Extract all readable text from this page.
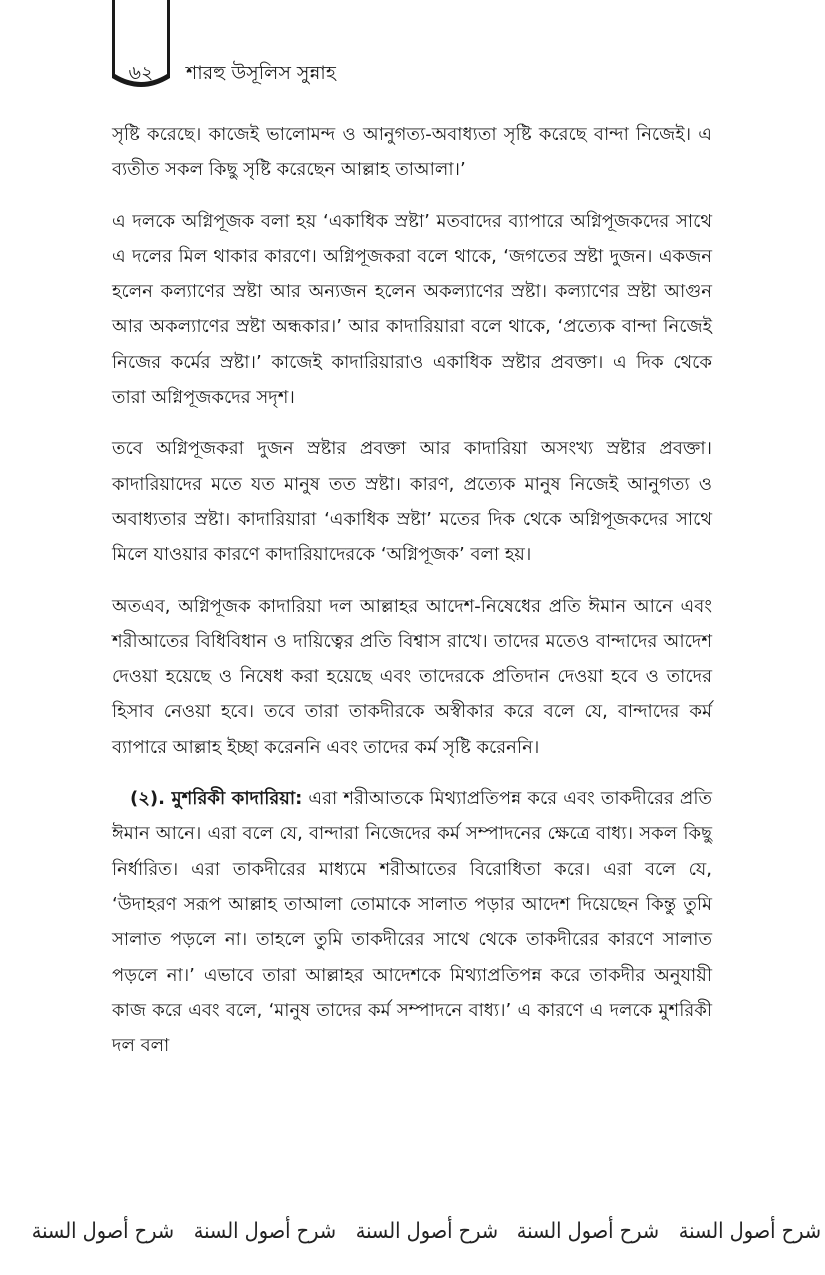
৬২	শারহু উসূলিস সুন্নাহ

সৃষ্টি করেছে। কাজেই ভালোমন্দ ও আনুগত্য-অবাধ্যতা সৃষ্টি করেছে বান্দা নিজেই। এ ব্যতীত সকল কিছু সৃষ্টি করেছেন আল্লাহ তাআলা।’

এ দলকে অগ্নিপূজক বলা হয় ‘একাধিক স্রষ্টা’ মতবাদের ব্যাপারে অগ্নিপূজকদের সাথে এ দলের মিল থাকার কারণে। অগ্নিপূজকরা বলে থাকে, ‘জগতের স্রষ্টা দুজন। একজন হলেন কল্যাণের স্রষ্টা আর অন্যজন হলেন অকল্যাণের স্রষ্টা। কল্যাণের স্রষ্টা আগুন আর অকল্যাণের স্রষ্টা অন্ধকার।’ আর কাদারিয়ারা বলে থাকে, ‘প্রত্যেক বান্দা নিজেই নিজের কর্মের স্রষ্টা।’ কাজেই কাদারিয়ারাও একাধিক স্রষ্টার প্রবক্তা। এ দিক থেকে তারা অগ্নিপূজকদের সদৃশ।

তবে অগ্নিপূজকরা দুজন স্রষ্টার প্রবক্তা আর কাদারিয়া অসংখ্য স্রষ্টার প্রবক্তা। কাদারিয়াদের মতে যত মানুষ তত স্রষ্টা। কারণ, প্রত্যেক মানুষ নিজেই আনুগত্য ও অবাধ্যতার স্রষ্টা। কাদারিয়ারা ‘একাধিক স্রষ্টা’ মতের দিক থেকে অগ্নিপূজকদের সাথে মিলে যাওয়ার কারণে কাদারিয়াদেরকে ‘অগ্নিপূজক’ বলা হয়।

অতএব, অগ্নিপূজক কাদারিয়া দল আল্লাহর আদেশ-নিষেধের প্রতি ঈমান আনে এবং শরীআতের বিধিবিধান ও দায়িত্বের প্রতি বিশ্বাস রাখে। তাদের মতেও বান্দাদের আদেশ দেওয়া হয়েছে ও নিষেধ করা হয়েছে এবং তাদেরকে প্রতিদান দেওয়া হবে ও তাদের হিসাব নেওয়া হবে। তবে তারা তাকদীরকে অস্বীকার করে বলে যে, বান্দাদের কর্ম ব্যাপারে আল্লাহ ইচ্ছা করেননি এবং তাদের কর্ম সৃষ্টি করেননি।

(২). মুশরিকী কাদারিয়া: এরা শরীআতকে মিথ্যাপ্রতিপন্ন করে এবং তাকদীরের প্রতি ঈমান আনে। এরা বলে যে, বান্দারা নিজেদের কর্ম সম্পাদনের ক্ষেত্রে বাধ্য। সকল কিছু নির্ধারিত। এরা তাকদীরের মাধ্যমে শরীআতের বিরোধিতা করে। এরা বলে যে, ‘উদাহরণ সরূপ আল্লাহ তাআলা তোমাকে সালাত পড়ার আদেশ দিয়েছেন কিন্তু তুমি সালাত পড়লে না। তাহলে তুমি তাকদীরের সাথে থেকে তাকদীরের কারণে সালাত পড়লে না।’ এভাবে তারা আল্লাহর আদেশকে মিথ্যাপ্রতিপন্ন করে তাকদীর অনুযায়ী কাজ করে এবং বলে, ‘মানুষ তাদের কর্ম সম্পাদনে বাধ্য।’ এ কারণে এ দলকে মুশরিকী দল বলা

شرح أصول السنة شرح أصول السنة شرح أصول السنة شرح أصول السنة شرح أصول السنة
